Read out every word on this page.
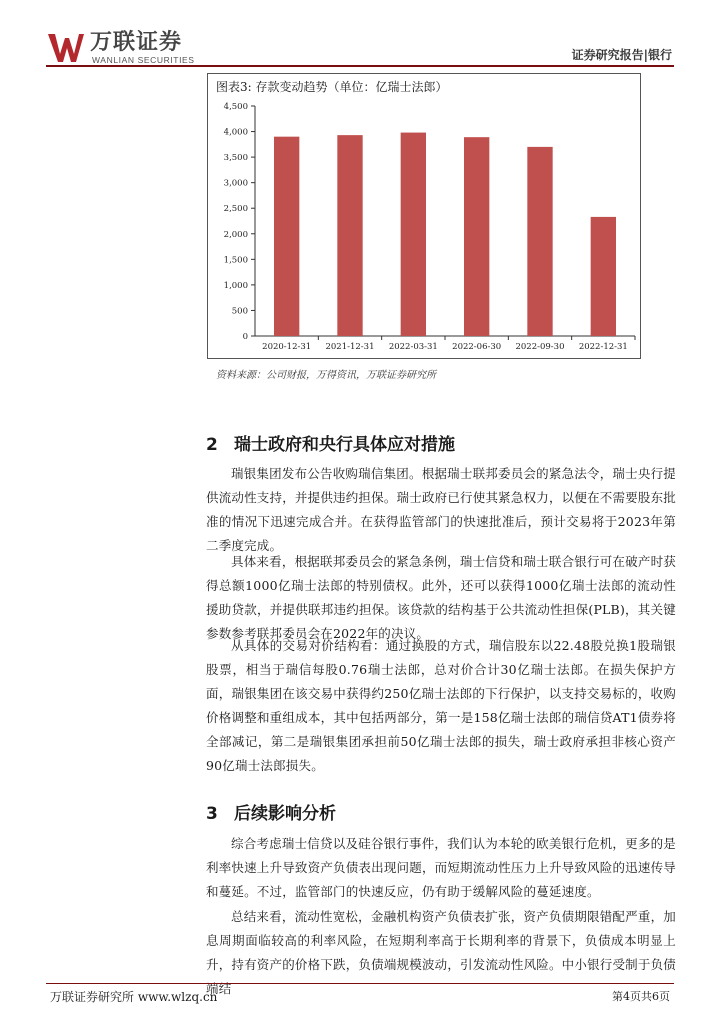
万联证券
WANLIAN SECURITIES	证券研究报告|银行
图表3: 存款变动趋势（单位：亿瑞士法郎）
0
500
1,000
1,500
2,000
2,500
3,000
3,500
4,000
4,500
2020-12-31 2021-12-31 2022-03-31 2022-06-30 2022-09-30 2022-12-31
资料来源：公司财报，万得资讯，万联证券研究所
2 瑞士政府和央行具体应对措施
瑞银集团发布公告收购瑞信集团。根据瑞士联邦委员会的紧急法令，瑞士央行提供流动性支持，并提供违约担保。瑞士政府已行使其紧急权力，以便在不需要股东批准的情况下迅速完成合并。在获得监管部门的快速批准后，预计交易将于2023年第二季度完成。
具体来看，根据联邦委员会的紧急条例，瑞士信贷和瑞士联合银行可在破产时获得总额1000亿瑞士法郎的特别债权。此外，还可以获得1000亿瑞士法郎的流动性援助贷款，并提供联邦违约担保。该贷款的结构基于公共流动性担保(PLB)，其关键参数参考联邦委员会在2022年的决议。
从具体的交易对价结构看：通过换股的方式，瑞信股东以22.48股兑换1股瑞银股票，相当于瑞信每股0.76瑞士法郎，总对价合计30亿瑞士法郎。在损失保护方面，瑞银集团在该交易中获得约250亿瑞士法郎的下行保护，以支持交易标的，收购价格调整和重组成本，其中包括两部分，第一是158亿瑞士法郎的瑞信贷AT1债券将全部减记，第二是瑞银集团承担前50亿瑞士法郎的损失，瑞士政府承担非核心资产90亿瑞士法郎损失。
3 后续影响分析
综合考虑瑞士信贷以及硅谷银行事件，我们认为本轮的欧美银行危机，更多的是利率快速上升导致资产负债表出现问题，而短期流动性压力上升导致风险的迅速传导和蔓延。不过，监管部门的快速反应，仍有助于缓解风险的蔓延速度。
总结来看，流动性宽松，金融机构资产负债表扩张，资产负债期限错配严重，加息周期面临较高的利率风险，在短期利率高于长期利率的背景下，负债成本明显上升，持有资产的价格下跌，负债端规模波动，引发流动性风险。中小银行受制于负债端结
万联证券研究所 www.wlzq.cn	第4页共6页
